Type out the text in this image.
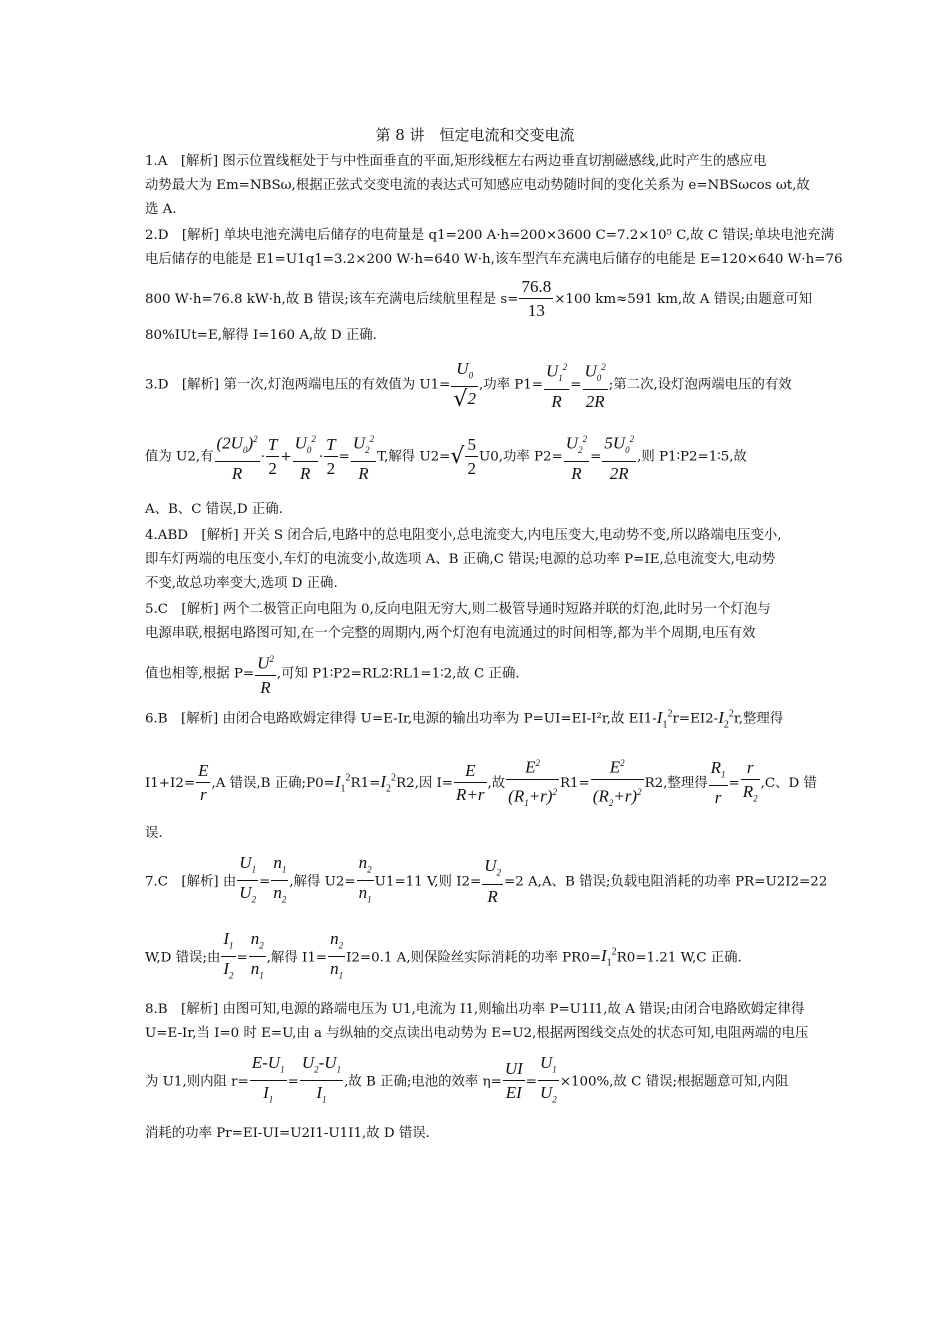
第 8 讲　恒定电流和交变电流
1.A　[解析] 图示位置线框处于与中性面垂直的平面,矩形线框左右两边垂直切割磁感线,此时产生的感应电
动势最大为 Em=NBSω,根据正弦式交变电流的表达式可知感应电动势随时间的变化关系为 e=NBSωcos ωt,故
选 A.
2.D　[解析] 单块电池充满电后储存的电荷量是 q1=200 A·h=200×3600 C=7.2×10⁵ C,故 C 错误;单块电池充满
电后储存的电能是 E1=U1q1=3.2×200 W·h=640 W·h,该车型汽车充满电后储存的电能是 E=120×640 W·h=76
800 W·h=76.8 kW·h,故 B 错误;该车充满电后续航里程是 $s= \frac{76.8}{13} \times 100$ km≈591 km,故 A 错误;由题意可知
80%IUt=E,解得 I=160 A,故 D 正确.
3.D　[解析] 第一次,灯泡两端电压的有效值为 $U1= \frac{U_0}{√2}$ ,功率 $P1= \frac{U_1^2}{R} = \frac{U_0^2}{2R}$ ;第二次,设灯泡两端电压的有效
值为 U2,有 $\frac{(2U_0)^2}{R} \cdot \frac{T}{2} + \frac{U_0^2}{R} \cdot \frac{T}{2} = \frac{U_2^2}{R} T$,解得 $U2=√ \frac{5}{2} U0$,功率 $P2= \frac{U_2^2}{R} = \frac{5U_0^2}{2R}$ ,则 P1∶P2=1∶5,故
A、B、C 错误,D 正确.
4.ABD　[解析] 开关 S 闭合后,电路中的总电阻变小,总电流变大,内电压变大,电动势不变,所以路端电压变小,
即车灯两端的电压变小,车灯的电流变小,故选项 A、B 正确,C 错误;电源的总功率 P=IE,总电流变大,电动势
不变,故总功率变大,选项 D 正确.
5.C　[解析] 两个二极管正向电阻为 0,反向电阻无穷大,则二极管导通时短路并联的灯泡,此时另一个灯泡与
电源串联,根据电路图可知,在一个完整的周期内,两个灯泡有电流通过的时间相等,都为半个周期,电压有效
值也相等,根据 $P= \frac{U^2}{R}$ ,可知 P1∶P2=RL2∶RL1=1∶2,故 C 正确.
6.B　[解析] 由闭合电路欧姆定律得 U=E-Ir,电源的输出功率为 P=UI=EI-I²r,故 $EI1-I_1^2r=EI2-I_2^2r$,整理得
$I1+I2= \frac{E}{r} ,A$ 错误,B 正确$;P0=I_1^2R1=I_2^2R2$,因 $I= \frac{E}{R+r}$ ,故 $\frac{E^2}{(R_1+r)^2} R1= \frac{E^2}{(R_2+r)^2} R2$,整理得 $\frac{R_1}{r} = \frac{r}{R_2} ,C$、D 错
误.
7.C　[解析] 由 $\frac{U_1}{U_2} = \frac{n_1}{n_2}$ ,解得 $U2= \frac{n_2}{n_1} U1=11$ V,则 $I2= \frac{U_2}{R} =2$ A,A、B 错误;负载电阻消耗的功率 PR=U2I2=22
W,D 错误;由 $\frac{I_1}{I_2} = \frac{n_2}{n_1}$ ,解得 $I1= \frac{n_2}{n_1} I2=0.1$ A,则保险丝实际消耗的功率 $PR0=I_1^2R0=1.21$ W,C 正确.
8.B　[解析] 由图可知,电源的路端电压为 U1,电流为 I1,则输出功率 P=U1I1,故 A 错误;由闭合电路欧姆定律得
U=E-Ir,当 I=0 时 E=U,由 a 与纵轴的交点读出电动势为 E=U2,根据两图线交点处的状态可知,电阻两端的电压
为 U1,则内阻 $r= \frac{E-U_1}{I_1} = \frac{U_2-U_1}{I_1}$ ,故 B 正确;电池的效率 $\eta= \frac{UI}{EI} = \frac{U_1}{U_2} \times 100\%$,故 C 错误;根据题意可知,内阻
消耗的功率 Pr=EI-UI=U2I1-U1I1,故 D 错误.
